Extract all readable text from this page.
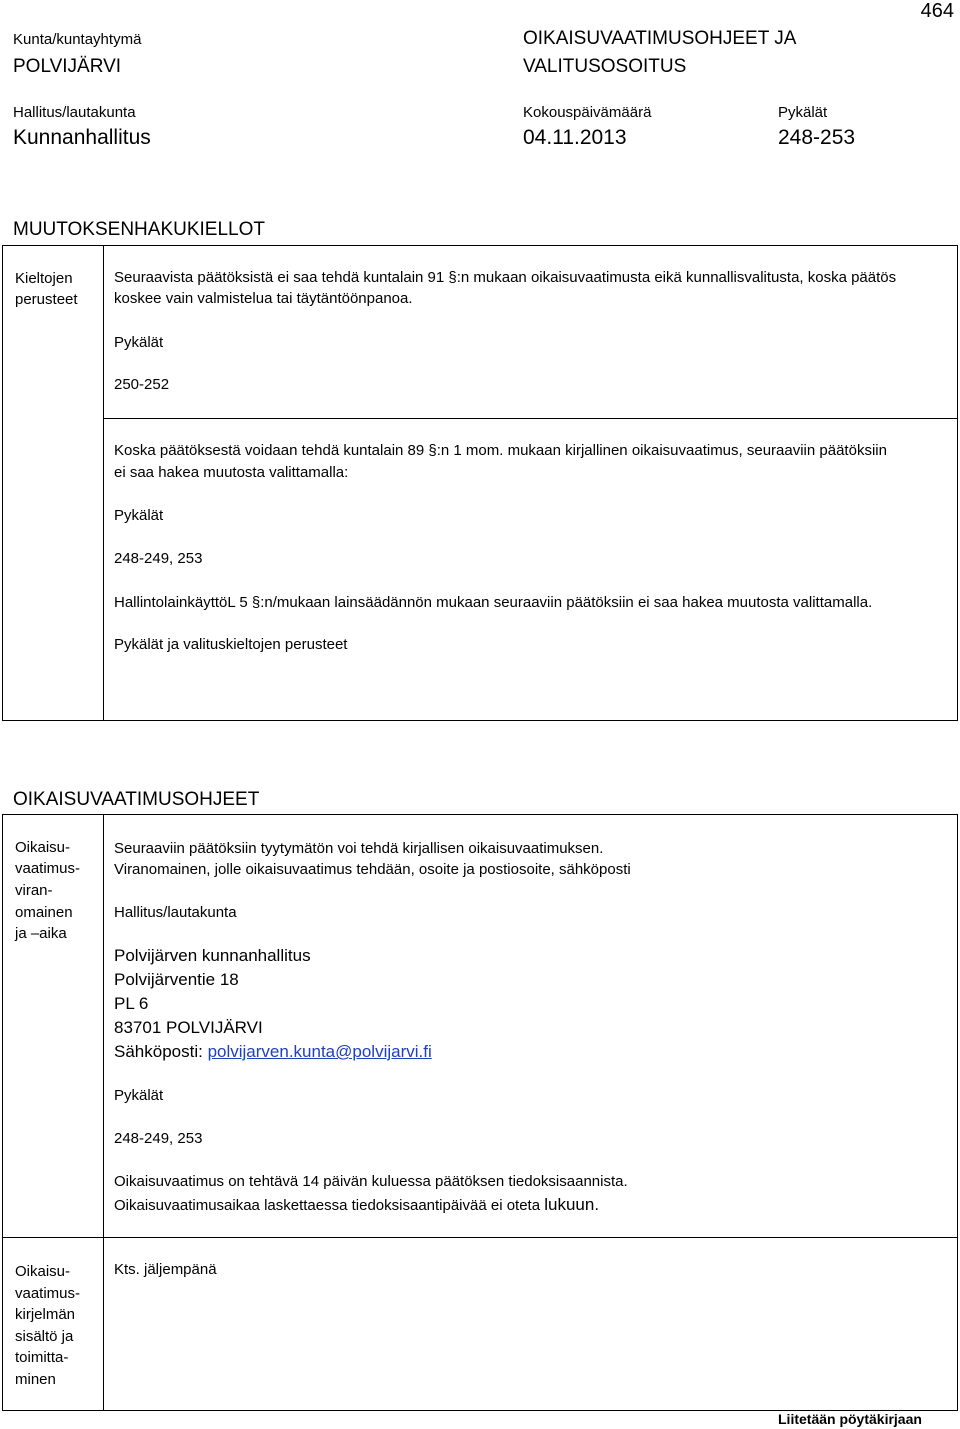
464
Kunta/kuntayhtymä
POLVIJÄRVI
OIKAISUVAATIMUSOHJEET JA
VALITUSOSOITUS
Hallitus/lautakunta
Kunnanhallitus
Kokouspäivämäärä
04.11.2013
Pykälät
248-253
MUUTOKSENHAKUKIELLOT
Kieltojen
perusteet
Seuraavista päätöksistä ei saa tehdä kuntalain 91 §:n mukaan oikaisuvaatimusta eikä kunnallisvalitusta, koska päätös
koskee vain valmistelua tai täytäntöönpanoa.
Pykälät
250-252
Koska päätöksestä voidaan tehdä kuntalain 89 §:n 1 mom. mukaan kirjallinen oikaisuvaatimus, seuraaviin päätöksiin
ei saa hakea muutosta valittamalla:
Pykälät
248-249, 253
HallintolainkäyttöL 5 §:n/mukaan lainsäädännön mukaan seuraaviin päätöksiin ei saa hakea muutosta valittamalla.
Pykälät ja valituskieltojen perusteet
OIKAISUVAATIMUSOHJEET
Oikaisu-
vaatimus-
viran-
omainen
ja –aika
Seuraaviin päätöksiin tyytymätön voi tehdä kirjallisen oikaisuvaatimuksen.
Viranomainen, jolle oikaisuvaatimus tehdään, osoite ja postiosoite, sähköposti
Hallitus/lautakunta
Polvijärven kunnanhallitus
Polvijärventie 18
PL 6
83701 POLVIJÄRVI
Sähköposti: polvijarven.kunta@polvijarvi.fi
Pykälät
248-249, 253
Oikaisuvaatimus on tehtävä 14 päivän kuluessa päätöksen tiedoksisaannista.
Oikaisuvaatimusaikaa laskettaessa tiedoksisaantipäivää ei oteta lukuun.
Oikaisu-
vaatimus-
kirjelmän
sisältö ja
toimitta-
minen
Kts. jäljempänä
Liitetään pöytäkirjaan
